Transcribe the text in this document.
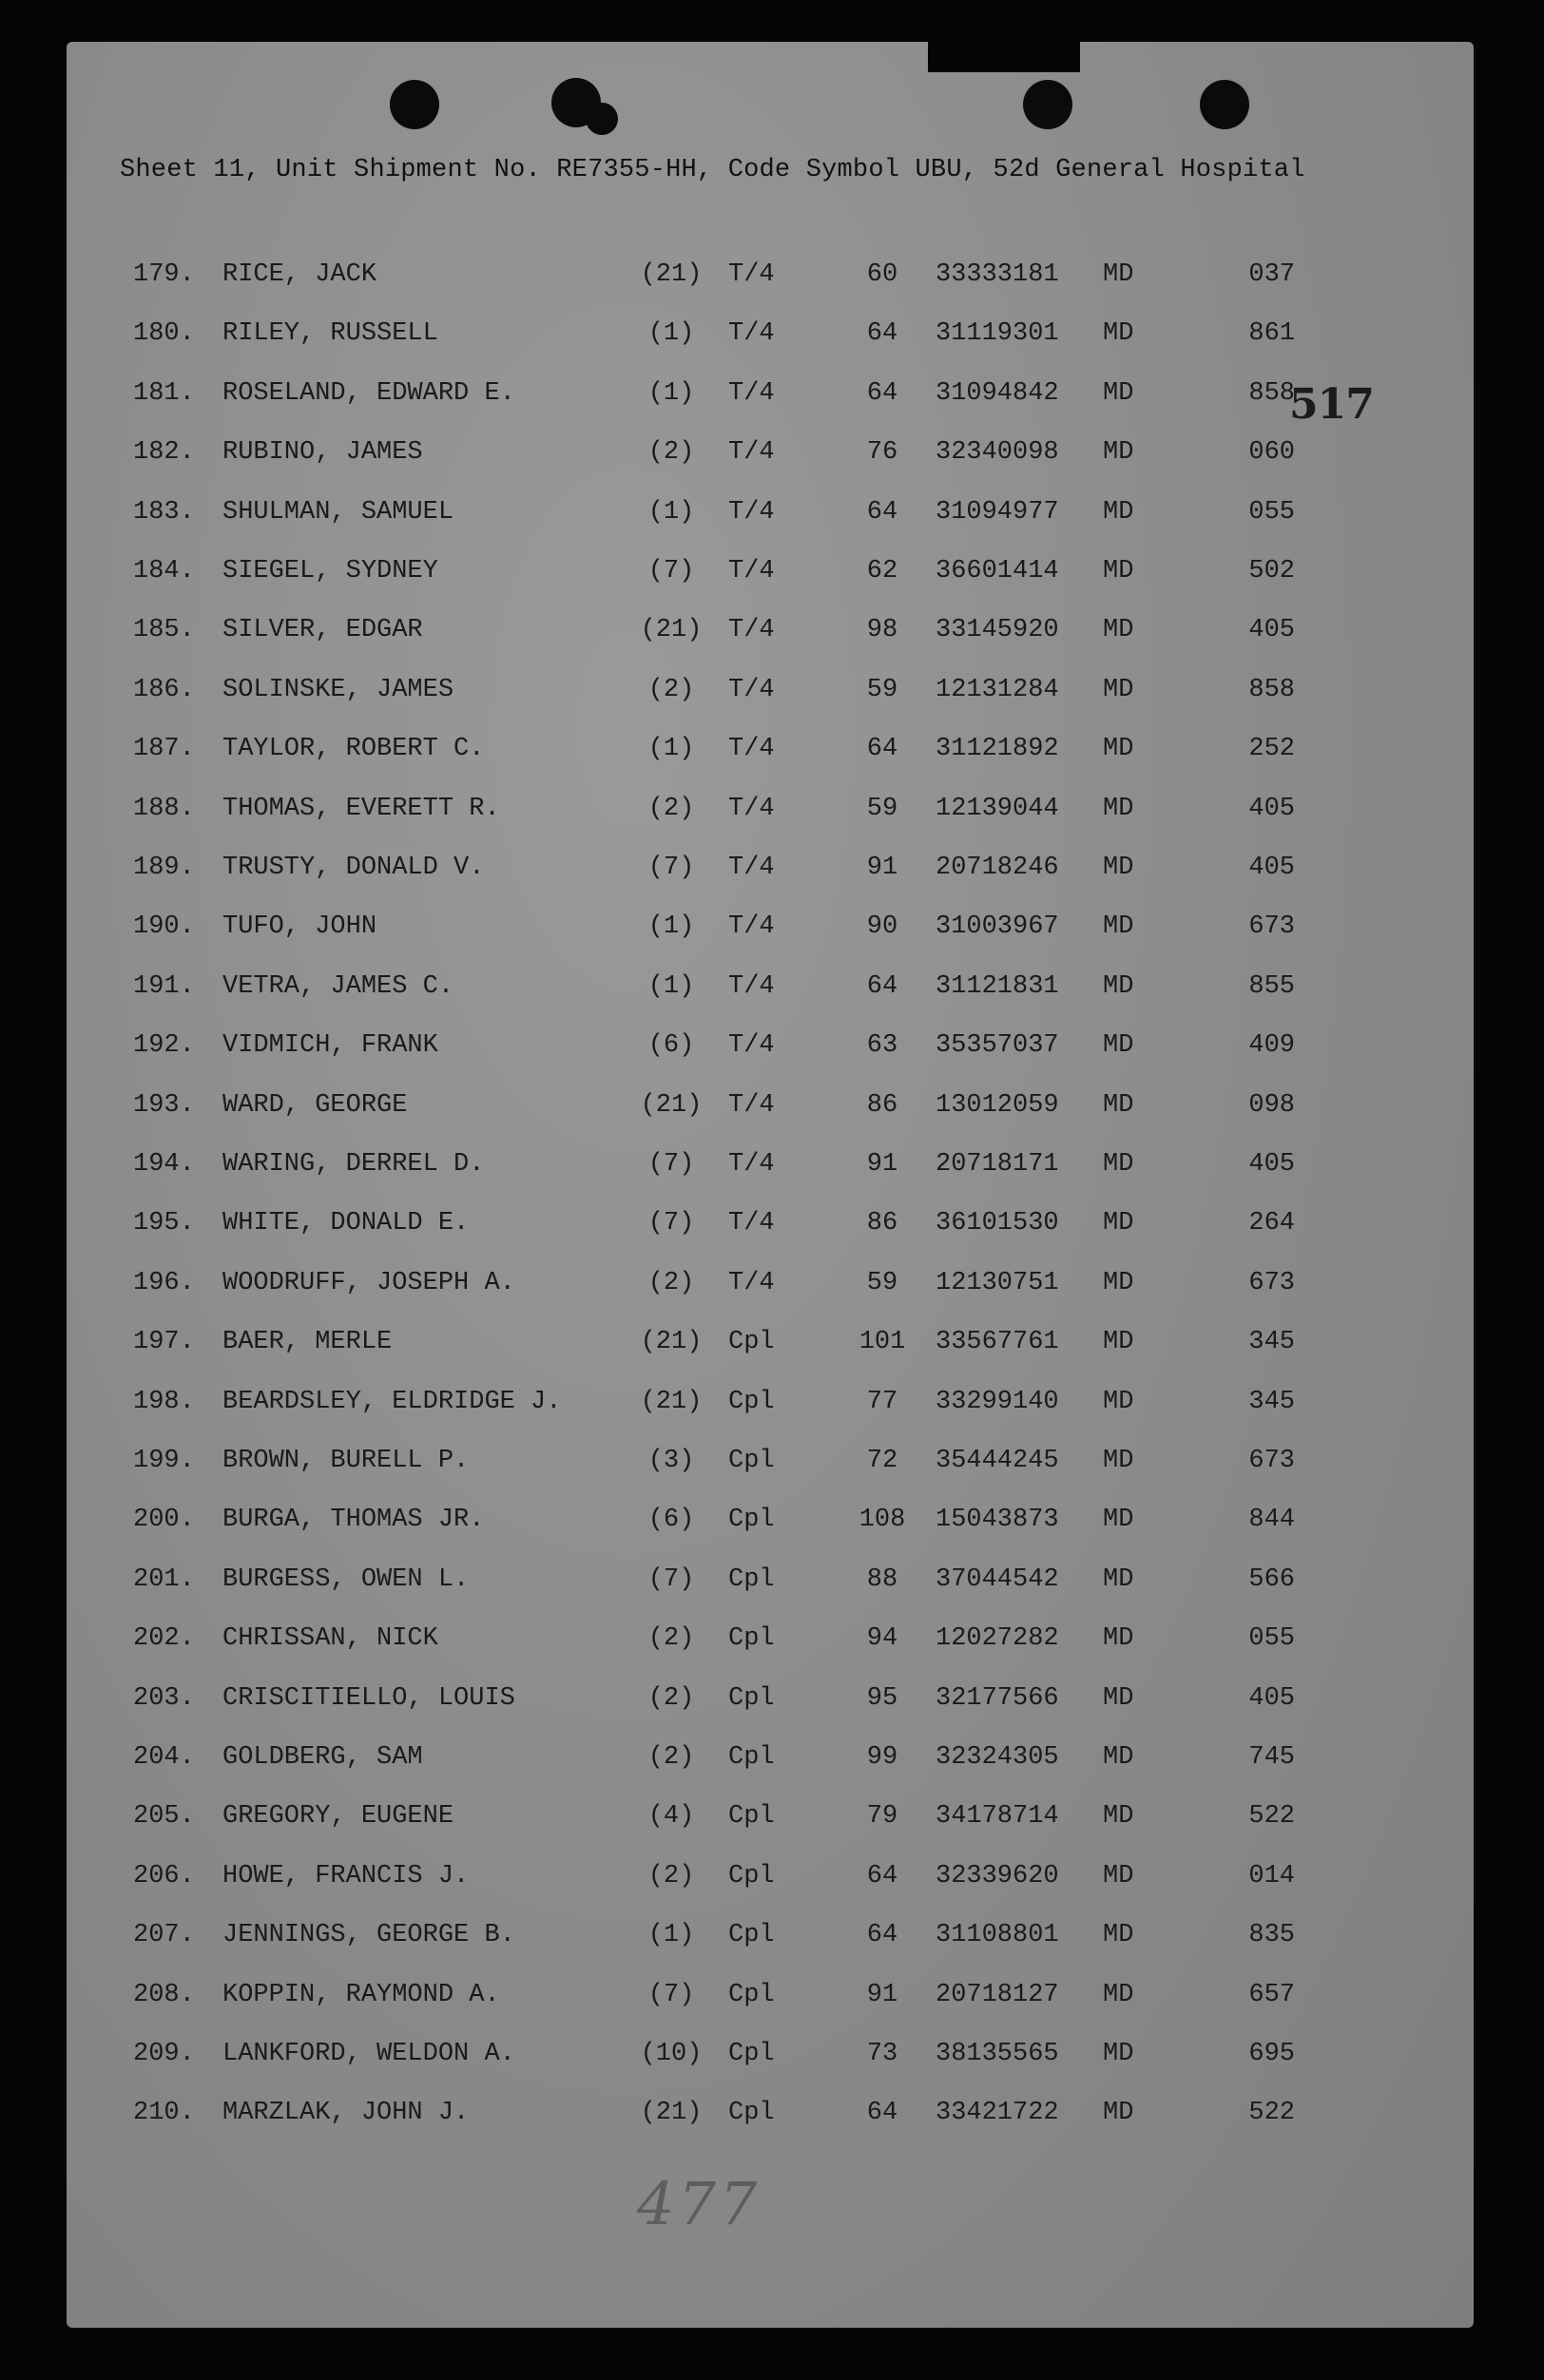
Sheet 11, Unit Shipment No. RE7355-HH, Code Symbol UBU, 52d General Hospital
517
179. RICE, JACK	(21)	T/4	60	33333181 MD	037
180. RILEY, RUSSELL	(1)	T/4	64	31119301 MD	861
181. ROSELAND, EDWARD E.	(1)	T/4	64	31094842 MD	858
182. RUBINO, JAMES	(2)	T/4	76	32340098 MD	060
183. SHULMAN, SAMUEL	(1)	T/4	64	31094977 MD	055
184. SIEGEL, SYDNEY	(7)	T/4	62	36601414 MD	502
185. SILVER, EDGAR	(21)	T/4	98	33145920 MD	405
186. SOLINSKE, JAMES	(2)	T/4	59	12131284 MD	858
187. TAYLOR, ROBERT C.	(1)	T/4	64	31121892 MD	252
188. THOMAS, EVERETT R.	(2)	T/4	59	12139044 MD	405
189. TRUSTY, DONALD V.	(7)	T/4	91	20718246 MD	405
190. TUFO, JOHN	(1)	T/4	90	31003967 MD	673
191. VETRA, JAMES C.	(1)	T/4	64	31121831 MD	855
192. VIDMICH, FRANK	(6)	T/4	63	35357037 MD	409
193. WARD, GEORGE	(21)	T/4	86	13012059 MD	098
194. WARING, DERREL D.	(7)	T/4	91	20718171 MD	405
195. WHITE, DONALD E.	(7)	T/4	86	36101530 MD	264
196. WOODRUFF, JOSEPH A.	(2)	T/4	59	12130751 MD	673
197. BAER, MERLE	(21)	Cpl	101	33567761 MD	345
198. BEARDSLEY, ELDRIDGE J.	(21)	Cpl	77	33299140 MD	345
199. BROWN, BURELL P.	(3)	Cpl	72	35444245 MD	673
200. BURGA, THOMAS JR.	(6)	Cpl	108	15043873 MD	844
201. BURGESS, OWEN L.	(7)	Cpl	88	37044542 MD	566
202. CHRISSAN, NICK	(2)	Cpl	94	12027282 MD	055
203. CRISCITIELLO, LOUIS	(2)	Cpl	95	32177566 MD	405
204. GOLDBERG, SAM	(2)	Cpl	99	32324305 MD	745
205. GREGORY, EUGENE	(4)	Cpl	79	34178714 MD	522
206. HOWE, FRANCIS J.	(2)	Cpl	64	32339620 MD	014
207. JENNINGS, GEORGE B.	(1)	Cpl	64	31108801 MD	835
208. KOPPIN, RAYMOND A.	(7)	Cpl	91	20718127 MD	657
209. LANKFORD, WELDON A.	(10)	Cpl	73	38135565 MD	695
210. MARZLAK, JOHN J.	(21)	Cpl	64	33421722 MD	522
477
